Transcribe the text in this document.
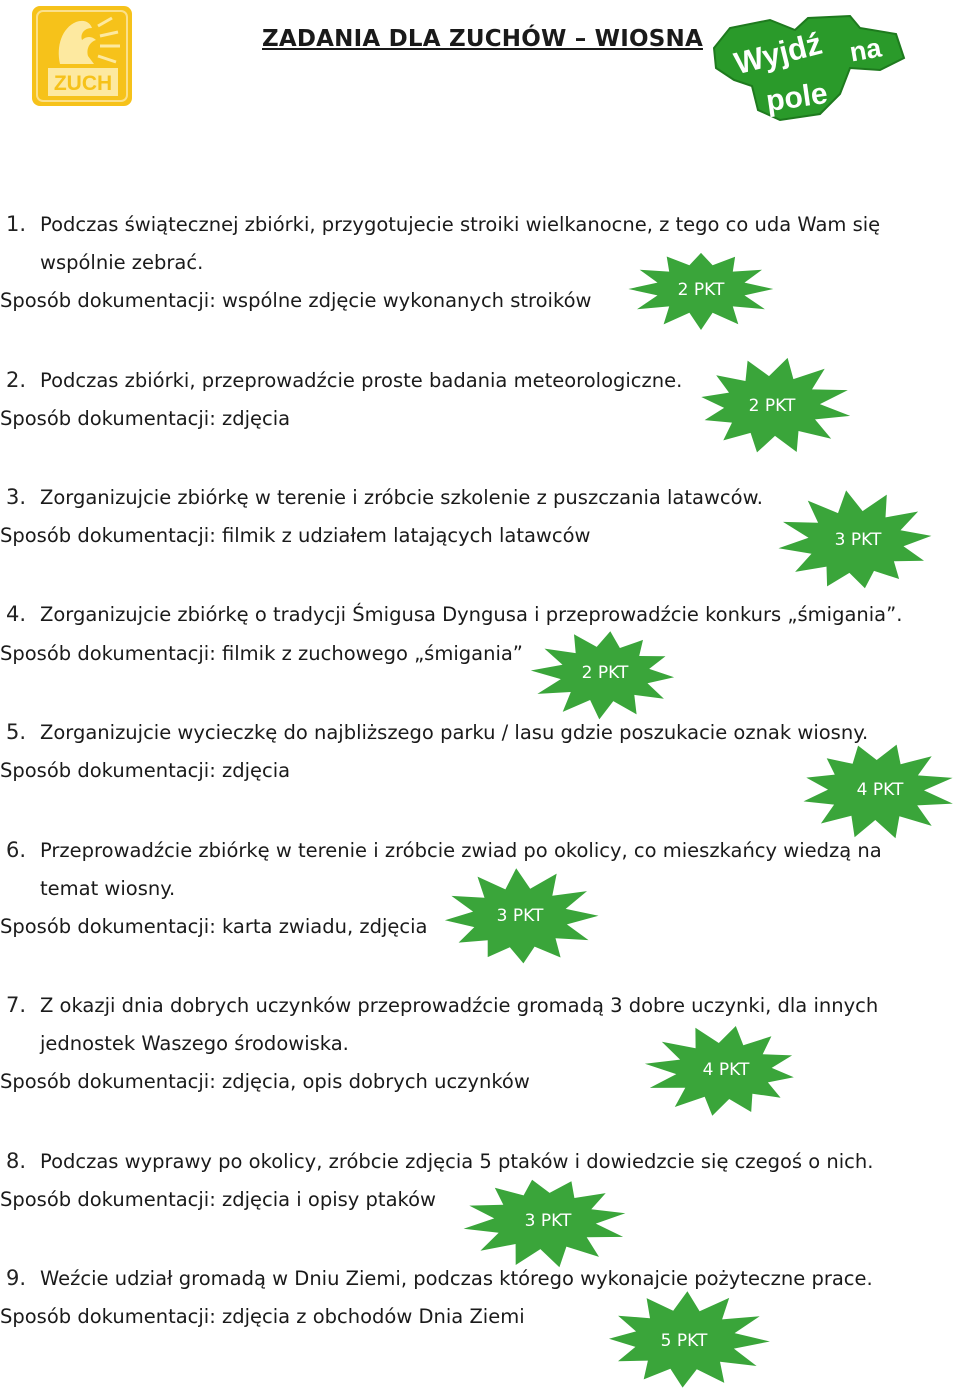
ZUCH
ZADANIA DLA ZUCHÓW – WIOSNA Wyjdź na
pole
1. Podczas świątecznej zbiórki, przygotujecie stroiki wielkanocne, z tego co uda Wam się
wspólnie zebrać.
Sposób dokumentacji: wspólne zdjęcie wykonanych stroików
2. Podczas zbiórki, przeprowadźcie proste badania meteorologiczne.
Sposób dokumentacji: zdjęcia
3. Zorganizujcie zbiórkę w terenie i zróbcie szkolenie z puszczania latawców.
Sposób dokumentacji: filmik z udziałem latających latawców
4. Zorganizujcie zbiórkę o tradycji Śmigusa Dyngusa i przeprowadźcie konkurs „śmigania”.
Sposób dokumentacji: filmik z zuchowego „śmigania”
5. Zorganizujcie wycieczkę do najbliższego parku / lasu gdzie poszukacie oznak wiosny.
Sposób dokumentacji: zdjęcia
6. Przeprowadźcie zbiórkę w terenie i zróbcie zwiad po okolicy, co mieszkańcy wiedzą na
temat wiosny.
Sposób dokumentacji: karta zwiadu, zdjęcia
7. Z okazji dnia dobrych uczynków przeprowadźcie gromadą 3 dobre uczynki, dla innych
jednostek Waszego środowiska.
Sposób dokumentacji: zdjęcia, opis dobrych uczynków
8. Podczas wyprawy po okolicy, zróbcie zdjęcia 5 ptaków i dowiedzcie się czegoś o nich.
Sposób dokumentacji: zdjęcia i opisy ptaków
9. Weźcie udział gromadą w Dniu Ziemi, podczas którego wykonajcie pożyteczne prace.
Sposób dokumentacji: zdjęcia z obchodów Dnia Ziemi
2 PKT
2 PKT
3 PKT
2 PKT
4 PKT
3 PKT
4 PKT
3 PKT
5 PKT
